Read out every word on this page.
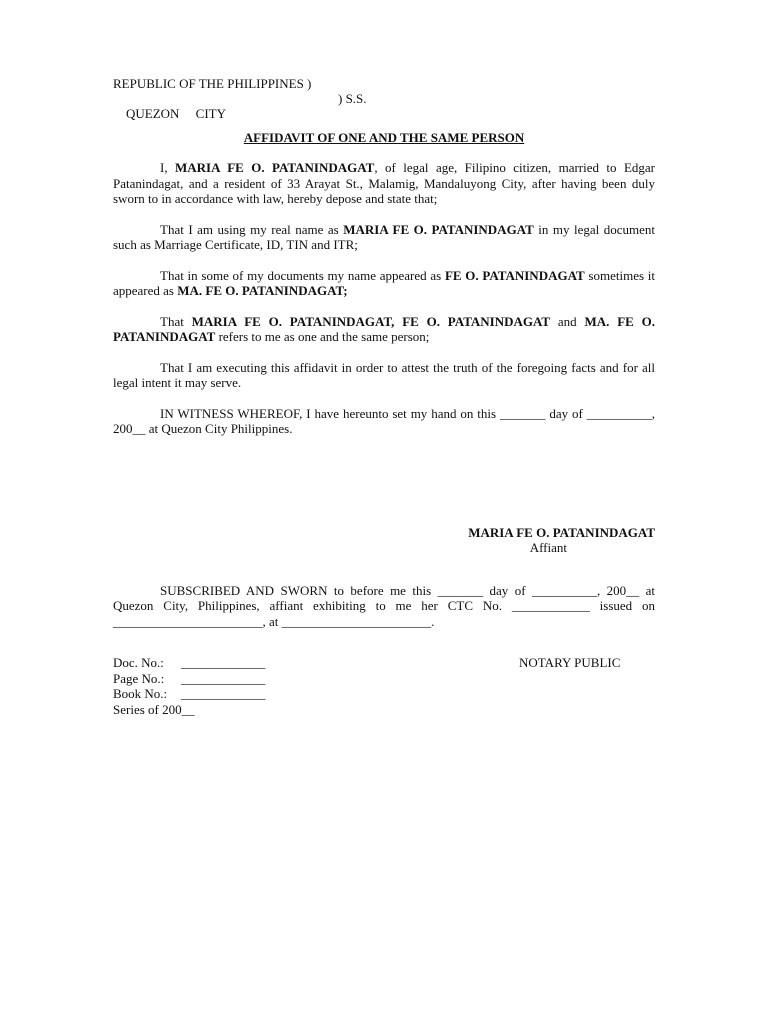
REPUBLIC OF THE PHILIPPINES )

QUEZON     CITY

) S.S.

AFFIDAVIT OF ONE AND THE SAME PERSON

I, MARIA FE O. PATANINDAGAT, of legal age, Filipino citizen, married to Edgar Patanindagat, and a resident of 33 Arayat St., Malamig, Mandaluyong City, after having been duly sworn to in accordance with law, hereby depose and state that;

That I am using my real name as MARIA FE O. PATANINDAGAT in my legal document such as Marriage Certificate, ID, TIN and ITR;

That in some of my documents my name appeared as FE O. PATANINDAGAT sometimes it appeared as MA. FE O. PATANINDAGAT;

That MARIA FE O. PATANINDAGAT, FE O. PATANINDAGAT and MA. FE O. PATANINDAGAT refers to me as one and the same person;

That I am executing this affidavit in order to attest the truth of the foregoing facts and for all legal intent it may serve.

IN WITNESS WHEREOF, I have hereunto set my hand on this _______ day of __________, 200__ at Quezon City Philippines.

MARIA FE O. PATANINDAGAT
Affiant

SUBSCRIBED AND SWORN to before me this _______ day of __________, 200__ at Quezon City, Philippines, affiant exhibiting to me her CTC No. ____________ issued on _______________________, at _______________________.

Doc. No.:	_____________
Page No.:	_____________
Book No.:	_____________
Series of 200__
NOTARY PUBLIC
